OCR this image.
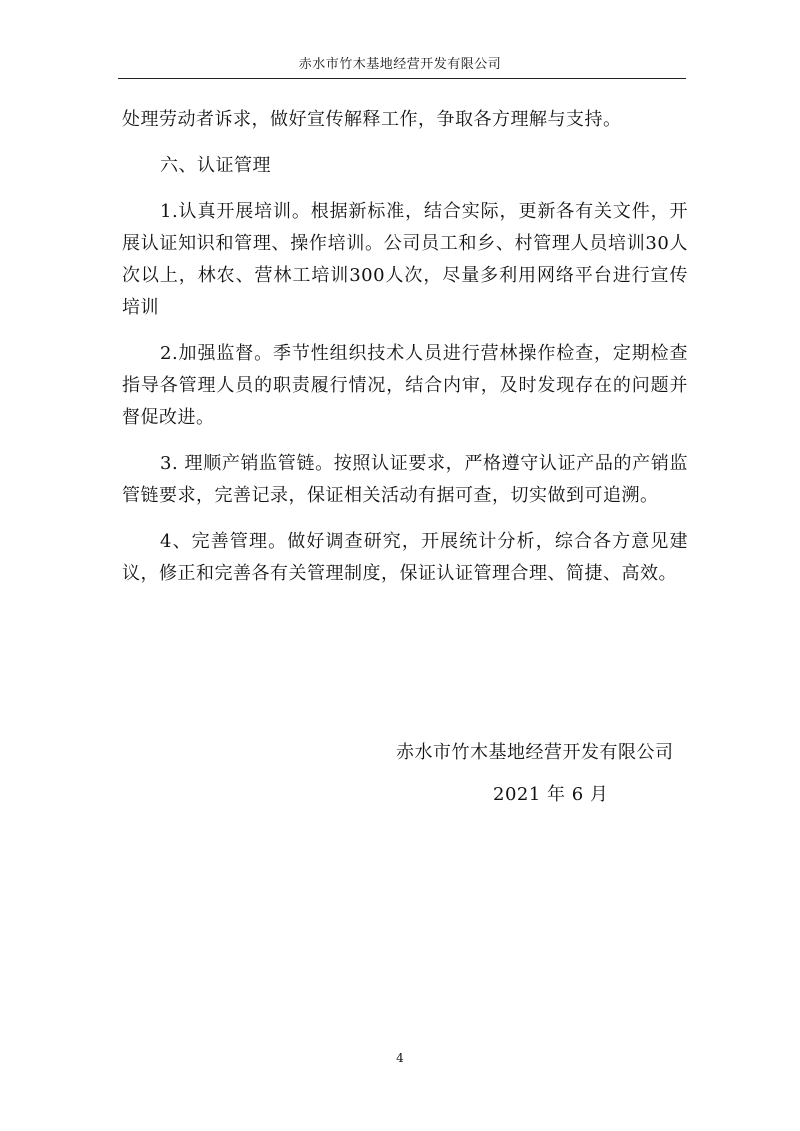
赤水市竹木基地经营开发有限公司

处理劳动者诉求，做好宣传解释工作，争取各方理解与支持。

六、认证管理

1.认真开展培训。根据新标准，结合实际，更新各有关文件，开展认证知识和管理、操作培训。公司员工和乡、村管理人员培训30人次以上，林农、营林工培训300人次，尽量多利用网络平台进行宣传培训

2.加强监督。季节性组织技术人员进行营林操作检查，定期检查指导各管理人员的职责履行情况，结合内审，及时发现存在的问题并督促改进。

3. 理顺产销监管链。按照认证要求，严格遵守认证产品的产销监管链要求，完善记录，保证相关活动有据可查，切实做到可追溯。

4、完善管理。做好调查研究，开展统计分析，综合各方意见建议，修正和完善各有关管理制度，保证认证管理合理、简捷、高效。

赤水市竹木基地经营开发有限公司
2021 年 6 月
4
